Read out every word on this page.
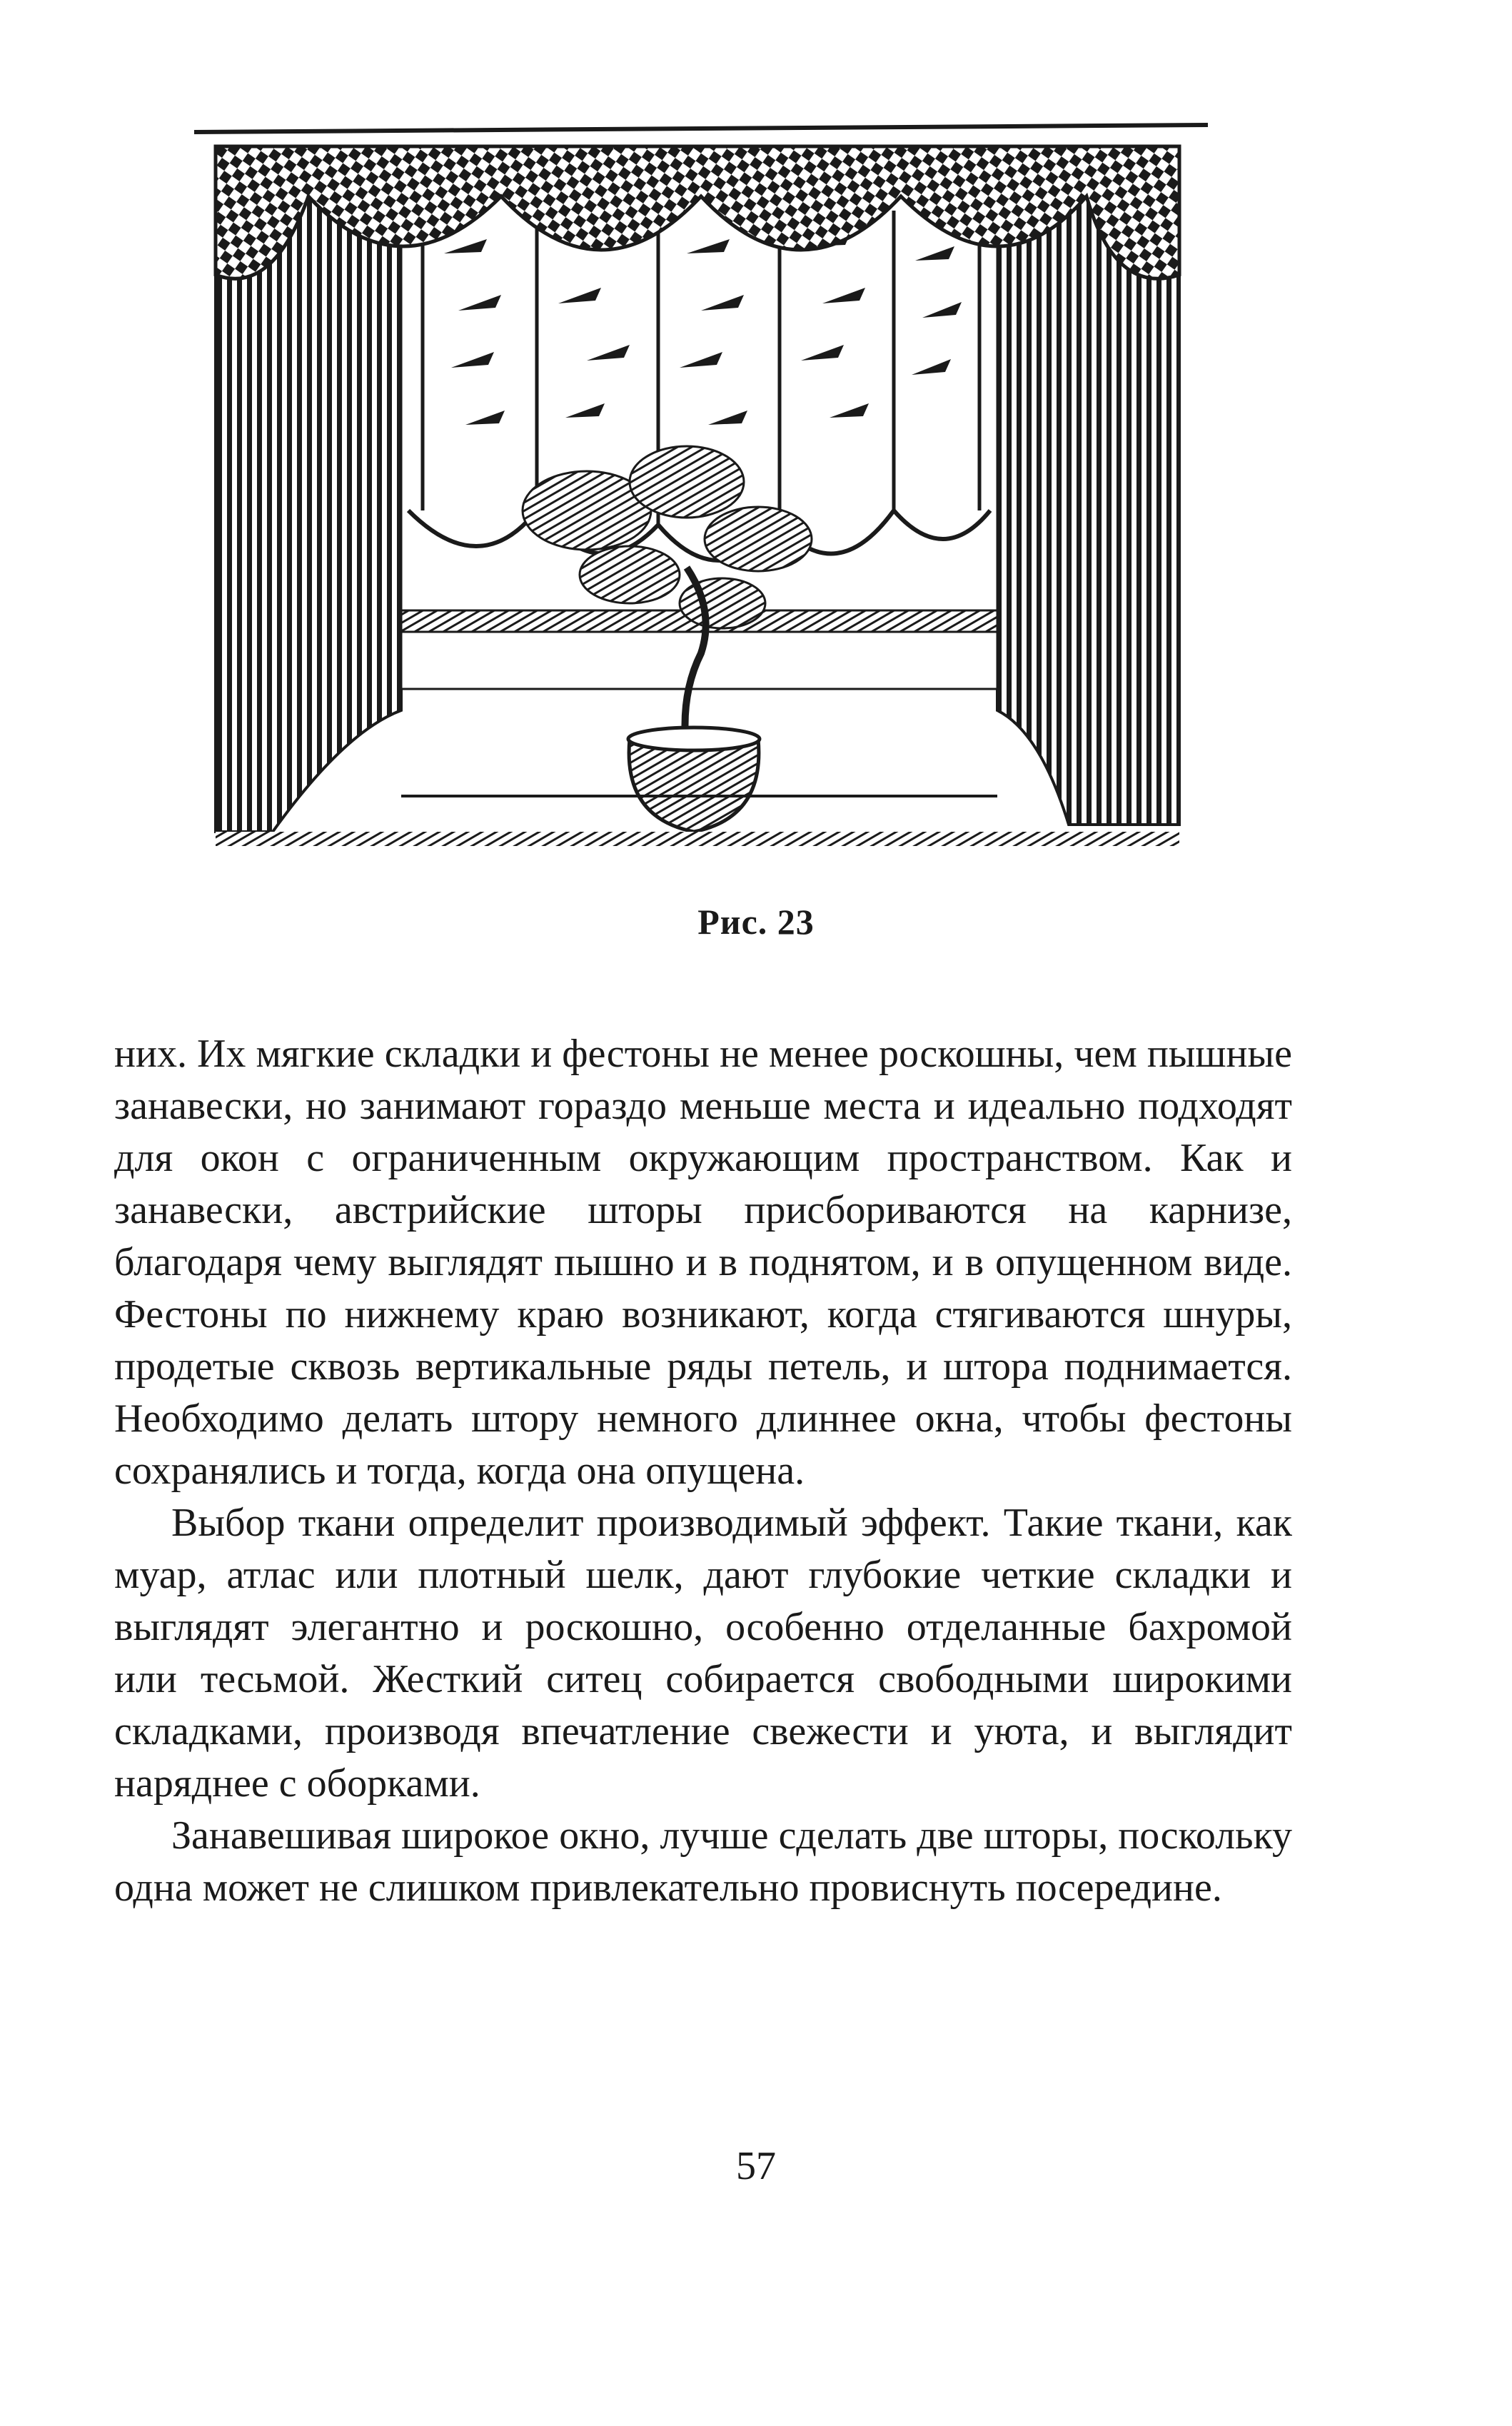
Рис. 23

них. Их мягкие складки и фестоны не менее роскошны, чем пышные занавески, но занимают гораздо меньше места и идеально подходят для окон с ограниченным окружающим пространством. Как и занавески, австрийские шторы присбориваются на карнизе, благодаря чему выглядят пышно и в поднятом, и в опущенном виде. Фестоны по нижнему краю возникают, когда стягиваются шнуры, продетые сквозь вертикальные ряды петель, и штора поднимается. Необходимо делать штору немного длиннее окна, чтобы фестоны сохранялись и тогда, когда она опущена.

Выбор ткани определит производимый эффект. Такие ткани, как муар, атлас или плотный шелк, дают глубокие четкие складки и выглядят элегантно и роскошно, особенно отделанные бахромой или тесьмой. Жесткий ситец собирается свободными широкими складками, производя впечатление свежести и уюта, и выглядит наряднее с оборками.

Занавешивая широкое окно, лучше сделать две шторы, поскольку одна может не слишком привлекательно провиснуть посередине.

57
